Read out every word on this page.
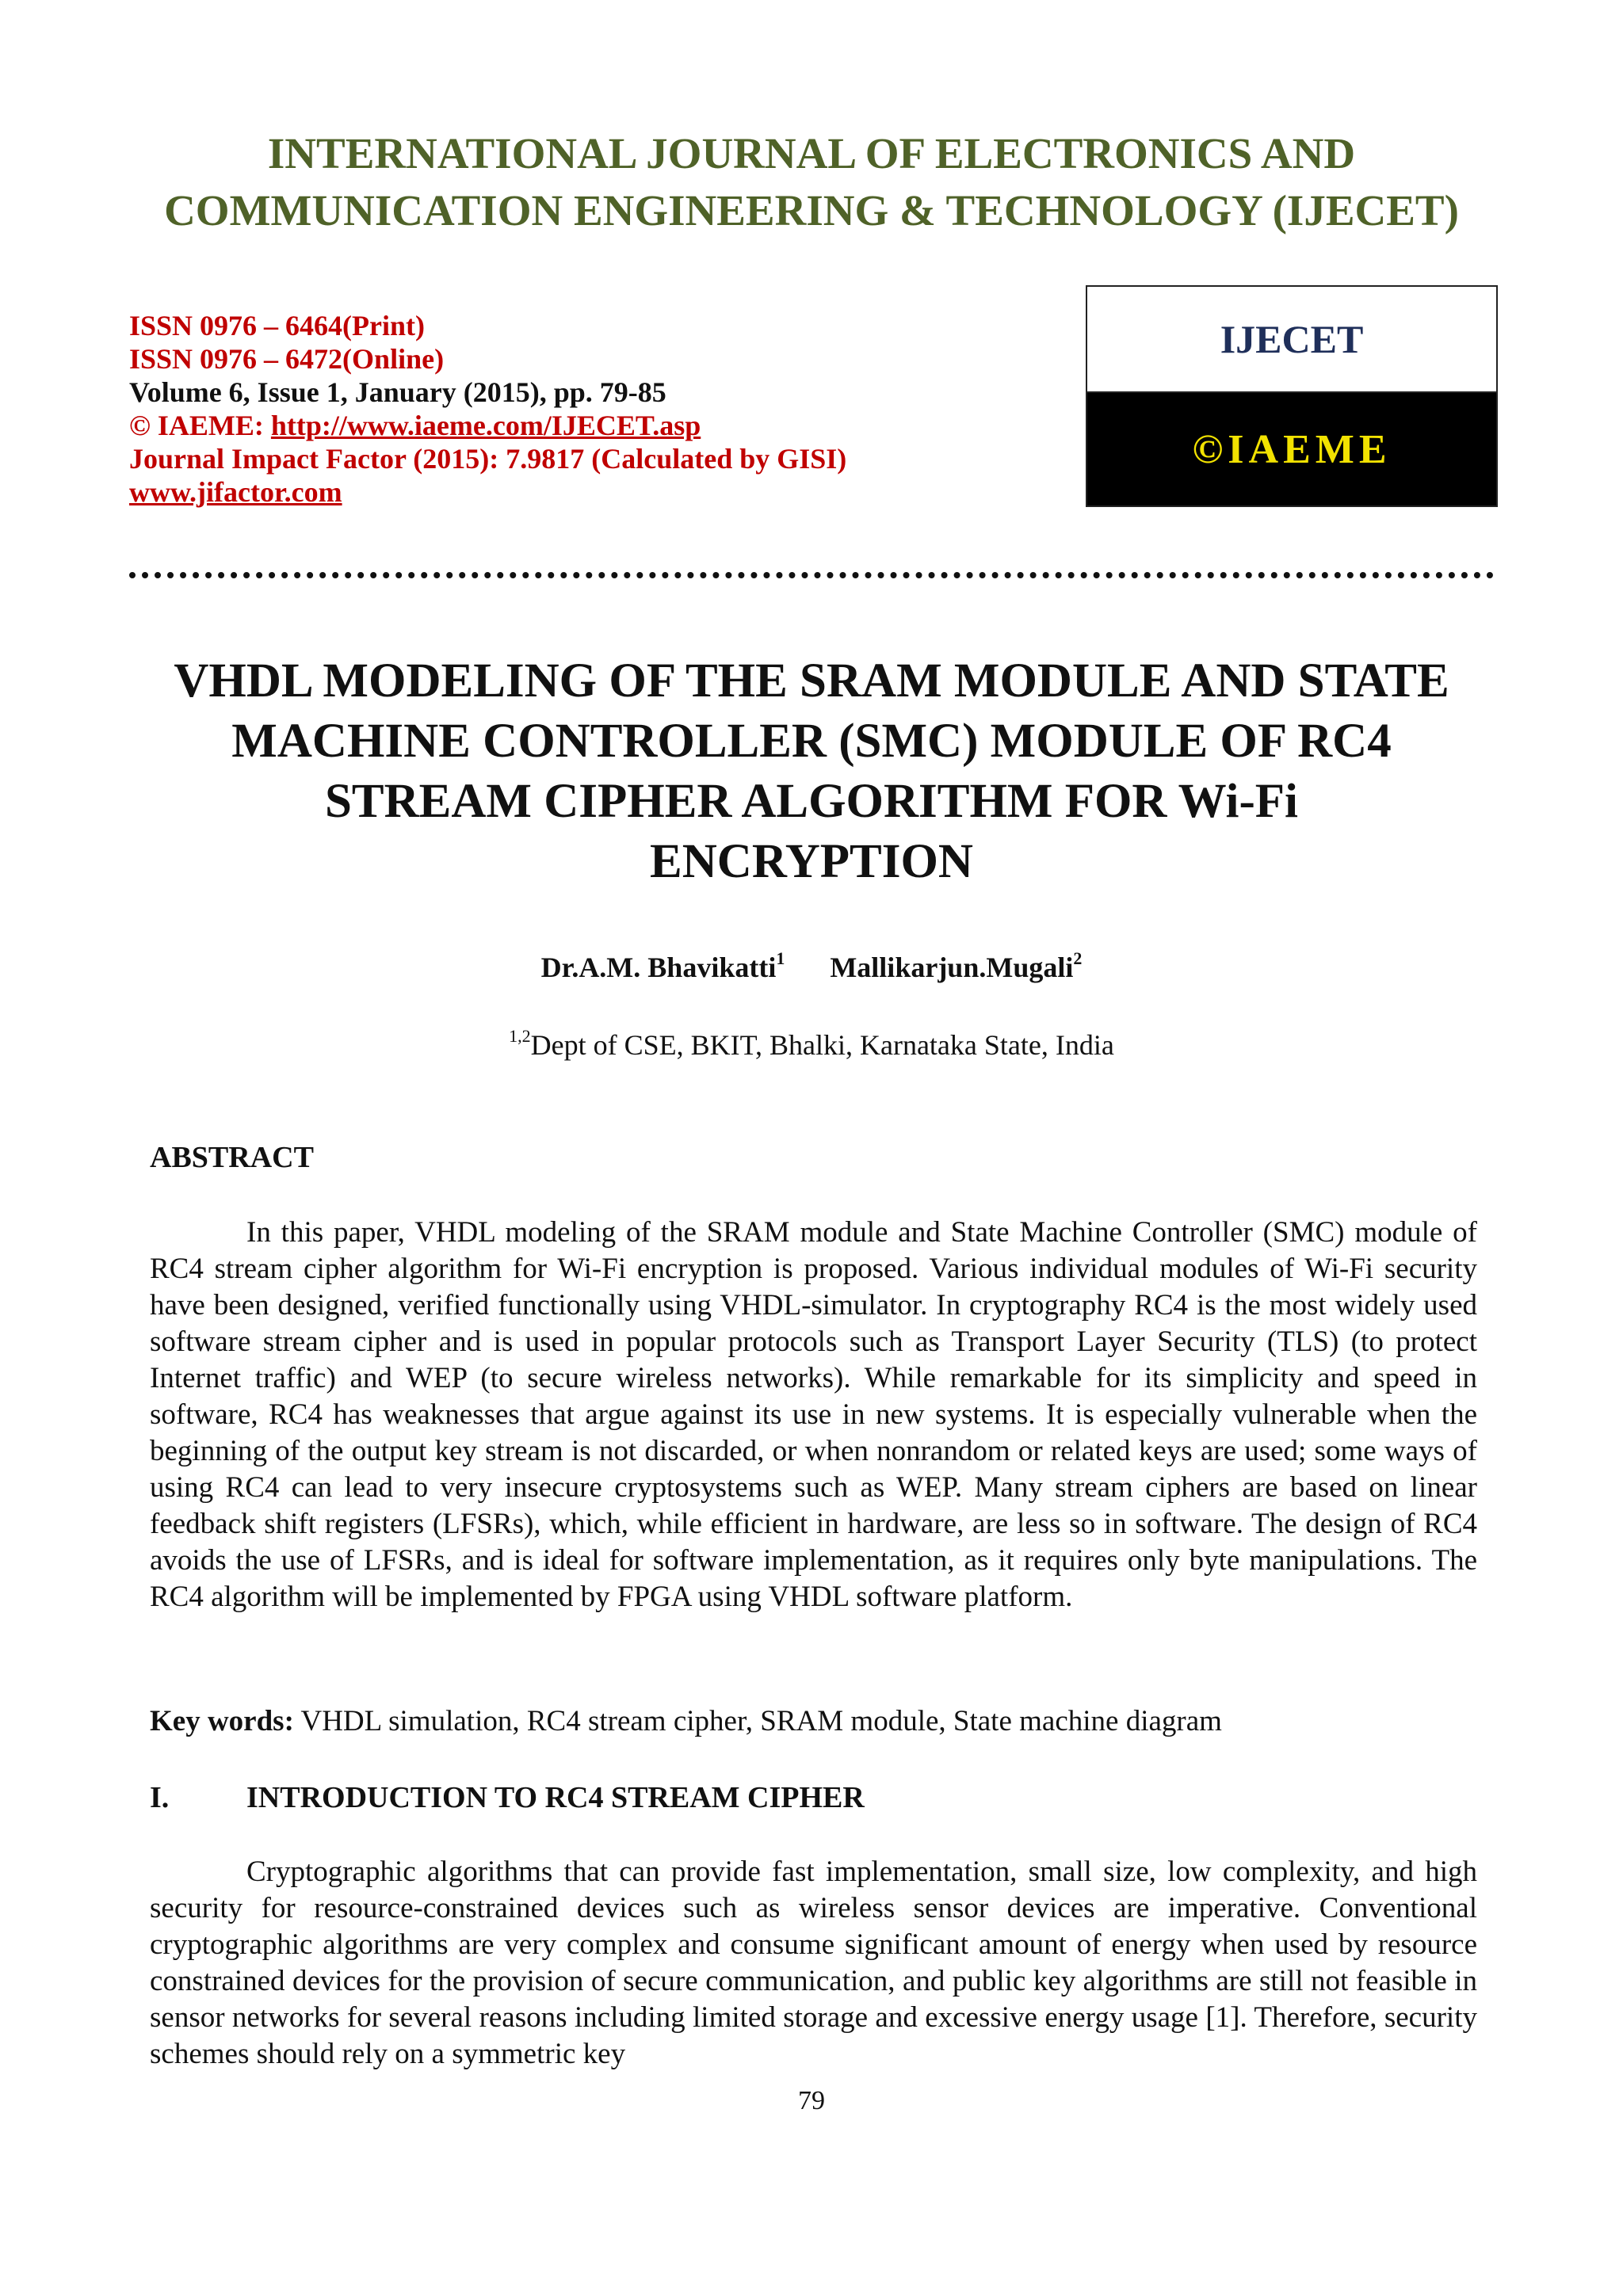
INTERNATIONAL JOURNAL OF ELECTRONICS AND
COMMUNICATION ENGINEERING & TECHNOLOGY (IJECET)
ISSN 0976 – 6464(Print)
ISSN 0976 – 6472(Online)
Volume 6, Issue 1, January (2015), pp. 79-85
© IAEME: http://www.iaeme.com/IJECET.asp
Journal Impact Factor (2015): 7.9817 (Calculated by GISI)
www.jifactor.com
IJECET
©IAEME
VHDL MODELING OF THE SRAM MODULE AND STATE
MACHINE CONTROLLER (SMC) MODULE OF RC4
STREAM CIPHER ALGORITHM FOR Wi-Fi
ENCRYPTION
Dr.A.M. Bhavikatti$^1$ Mallikarjun.Mugali$^2$
$^{1,2}$Dept of CSE, BKIT, Bhalki, Karnataka State, India
ABSTRACT

In this paper, VHDL modeling of the SRAM module and State Machine Controller (SMC) module of RC4 stream cipher algorithm for Wi-Fi encryption is proposed. Various individual modules of Wi-Fi security have been designed, verified functionally using VHDL-simulator. In cryptography RC4 is the most widely used software stream cipher and is used in popular protocols such as Transport Layer Security (TLS) (to protect Internet traffic) and WEP (to secure wireless networks). While remarkable for its simplicity and speed in software, RC4 has weaknesses that argue against its use in new systems. It is especially vulnerable when the beginning of the output key stream is not discarded, or when nonrandom or related keys are used; some ways of using RC4 can lead to very insecure cryptosystems such as WEP. Many stream ciphers are based on linear feedback shift registers (LFSRs), which, while efficient in hardware, are less so in software. The design of RC4 avoids the use of LFSRs, and is ideal for software implementation, as it requires only byte manipulations. The RC4 algorithm will be implemented by FPGA using VHDL software platform.

Key words: VHDL simulation, RC4 stream cipher, SRAM module, State machine diagram

I.	INTRODUCTION TO RC4 STREAM CIPHER

Cryptographic algorithms that can provide fast implementation, small size, low complexity, and high security for resource-constrained devices such as wireless sensor devices are imperative. Conventional cryptographic algorithms are very complex and consume significant amount of energy when used by resource constrained devices for the provision of secure communication, and public key algorithms are still not feasible in sensor networks for several reasons including limited storage and excessive energy usage [1]. Therefore, security schemes should rely on a symmetric key

79
